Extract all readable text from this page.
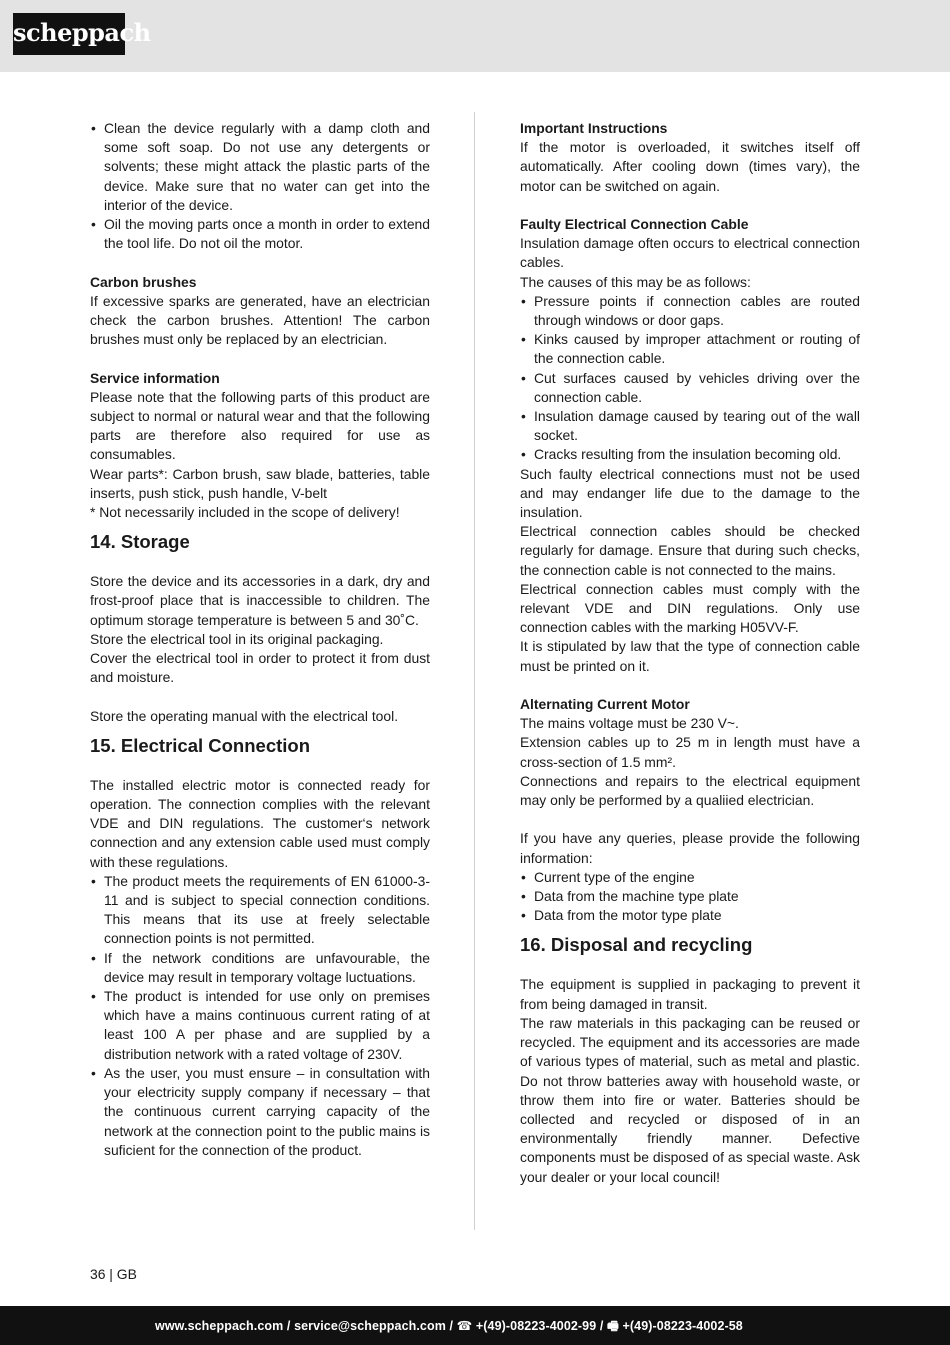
scheppach
• Clean the device regularly with a damp cloth and some soft soap. Do not use any detergents or solvents; these might attack the plastic parts of the device. Make sure that no water can get into the interior of the device.
• Oil the moving parts once a month in order to extend the tool life. Do not oil the motor.
Carbon brushes

If excessive sparks are generated, have an electrician check the carbon brushes. Attention! The carbon brushes must only be replaced by an electrician.

Service information

Please note that the following parts of this product are subject to normal or natural wear and that the following parts are therefore also required for use as consumables.

Wear parts*: Carbon brush, saw blade, batteries, table inserts, push stick, push handle, V-belt

* Not necessarily included in the scope of delivery!

14. Storage

Store the device and its accessories in a dark, dry and frost-proof place that is inaccessible to children. The optimum storage temperature is between 5 and 30˚C.

Store the electrical tool in its original packaging.

Cover the electrical tool in order to protect it from dust and moisture.

Store the operating manual with the electrical tool.

15. Electrical Connection

The installed electric motor is connected ready for operation. The connection complies with the relevant VDE and DIN regulations. The customer‘s network connection and any extension cable used must comply with these regulations.

• The product meets the requirements of EN 61000-3-11 and is subject to special connection conditions. This means that its use at freely selectable connection points is not permitted.
• If the network conditions are unfavourable, the device may result in temporary voltage luctuations.
• The product is intended for use only on premises which have a mains continuous current rating of at least 100 A per phase and are supplied by a distribution network with a rated voltage of 230V.
• As the user, you must ensure – in consultation with your electricity supply company if necessary – that the continuous current carrying capacity of the network at the connection point to the public mains is suficient for the connection of the product.
Important Instructions

If the motor is overloaded, it switches itself off automatically. After cooling down (times vary), the motor can be switched on again.

Faulty Electrical Connection Cable

Insulation damage often occurs to electrical connection cables.

The causes of this may be as follows:

• Pressure points if connection cables are routed through windows or door gaps.
• Kinks caused by improper attachment or routing of the connection cable.
• Cut surfaces caused by vehicles driving over the connection cable.
• Insulation damage caused by tearing out of the wall socket.
• Cracks resulting from the insulation becoming old.

Such faulty electrical connections must not be used and may endanger life due to the damage to the insulation.

Electrical connection cables should be checked regularly for damage. Ensure that during such checks, the connection cable is not connected to the mains.

Electrical connection cables must comply with the relevant VDE and DIN regulations. Only use connection cables with the marking H05VV-F.

It is stipulated by law that the type of connection cable must be printed on it.

Alternating Current Motor

The mains voltage must be 230 V~.

Extension cables up to 25 m in length must have a cross-section of 1.5 mm².

Connections and repairs to the electrical equipment may only be performed by a qualiied electrician.

If you have any queries, please provide the following information:

• Current type of the engine
• Data from the machine type plate
• Data from the motor type plate
16. Disposal and recycling

The equipment is supplied in packaging to prevent it from being damaged in transit.

The raw materials in this packaging can be reused or recycled. The equipment and its accessories are made of various types of material, such as metal and plastic. Do not throw batteries away with household waste, or throw them into fire or water. Batteries should be collected and recycled or disposed of in an environmentally friendly manner. Defective components must be disposed of as special waste. Ask your dealer or your local council!

36 | GB
www.scheppach.com / service@scheppach.com / ☎ +(49)-08223-4002-99 / 🖷 +(49)-08223-4002-58
